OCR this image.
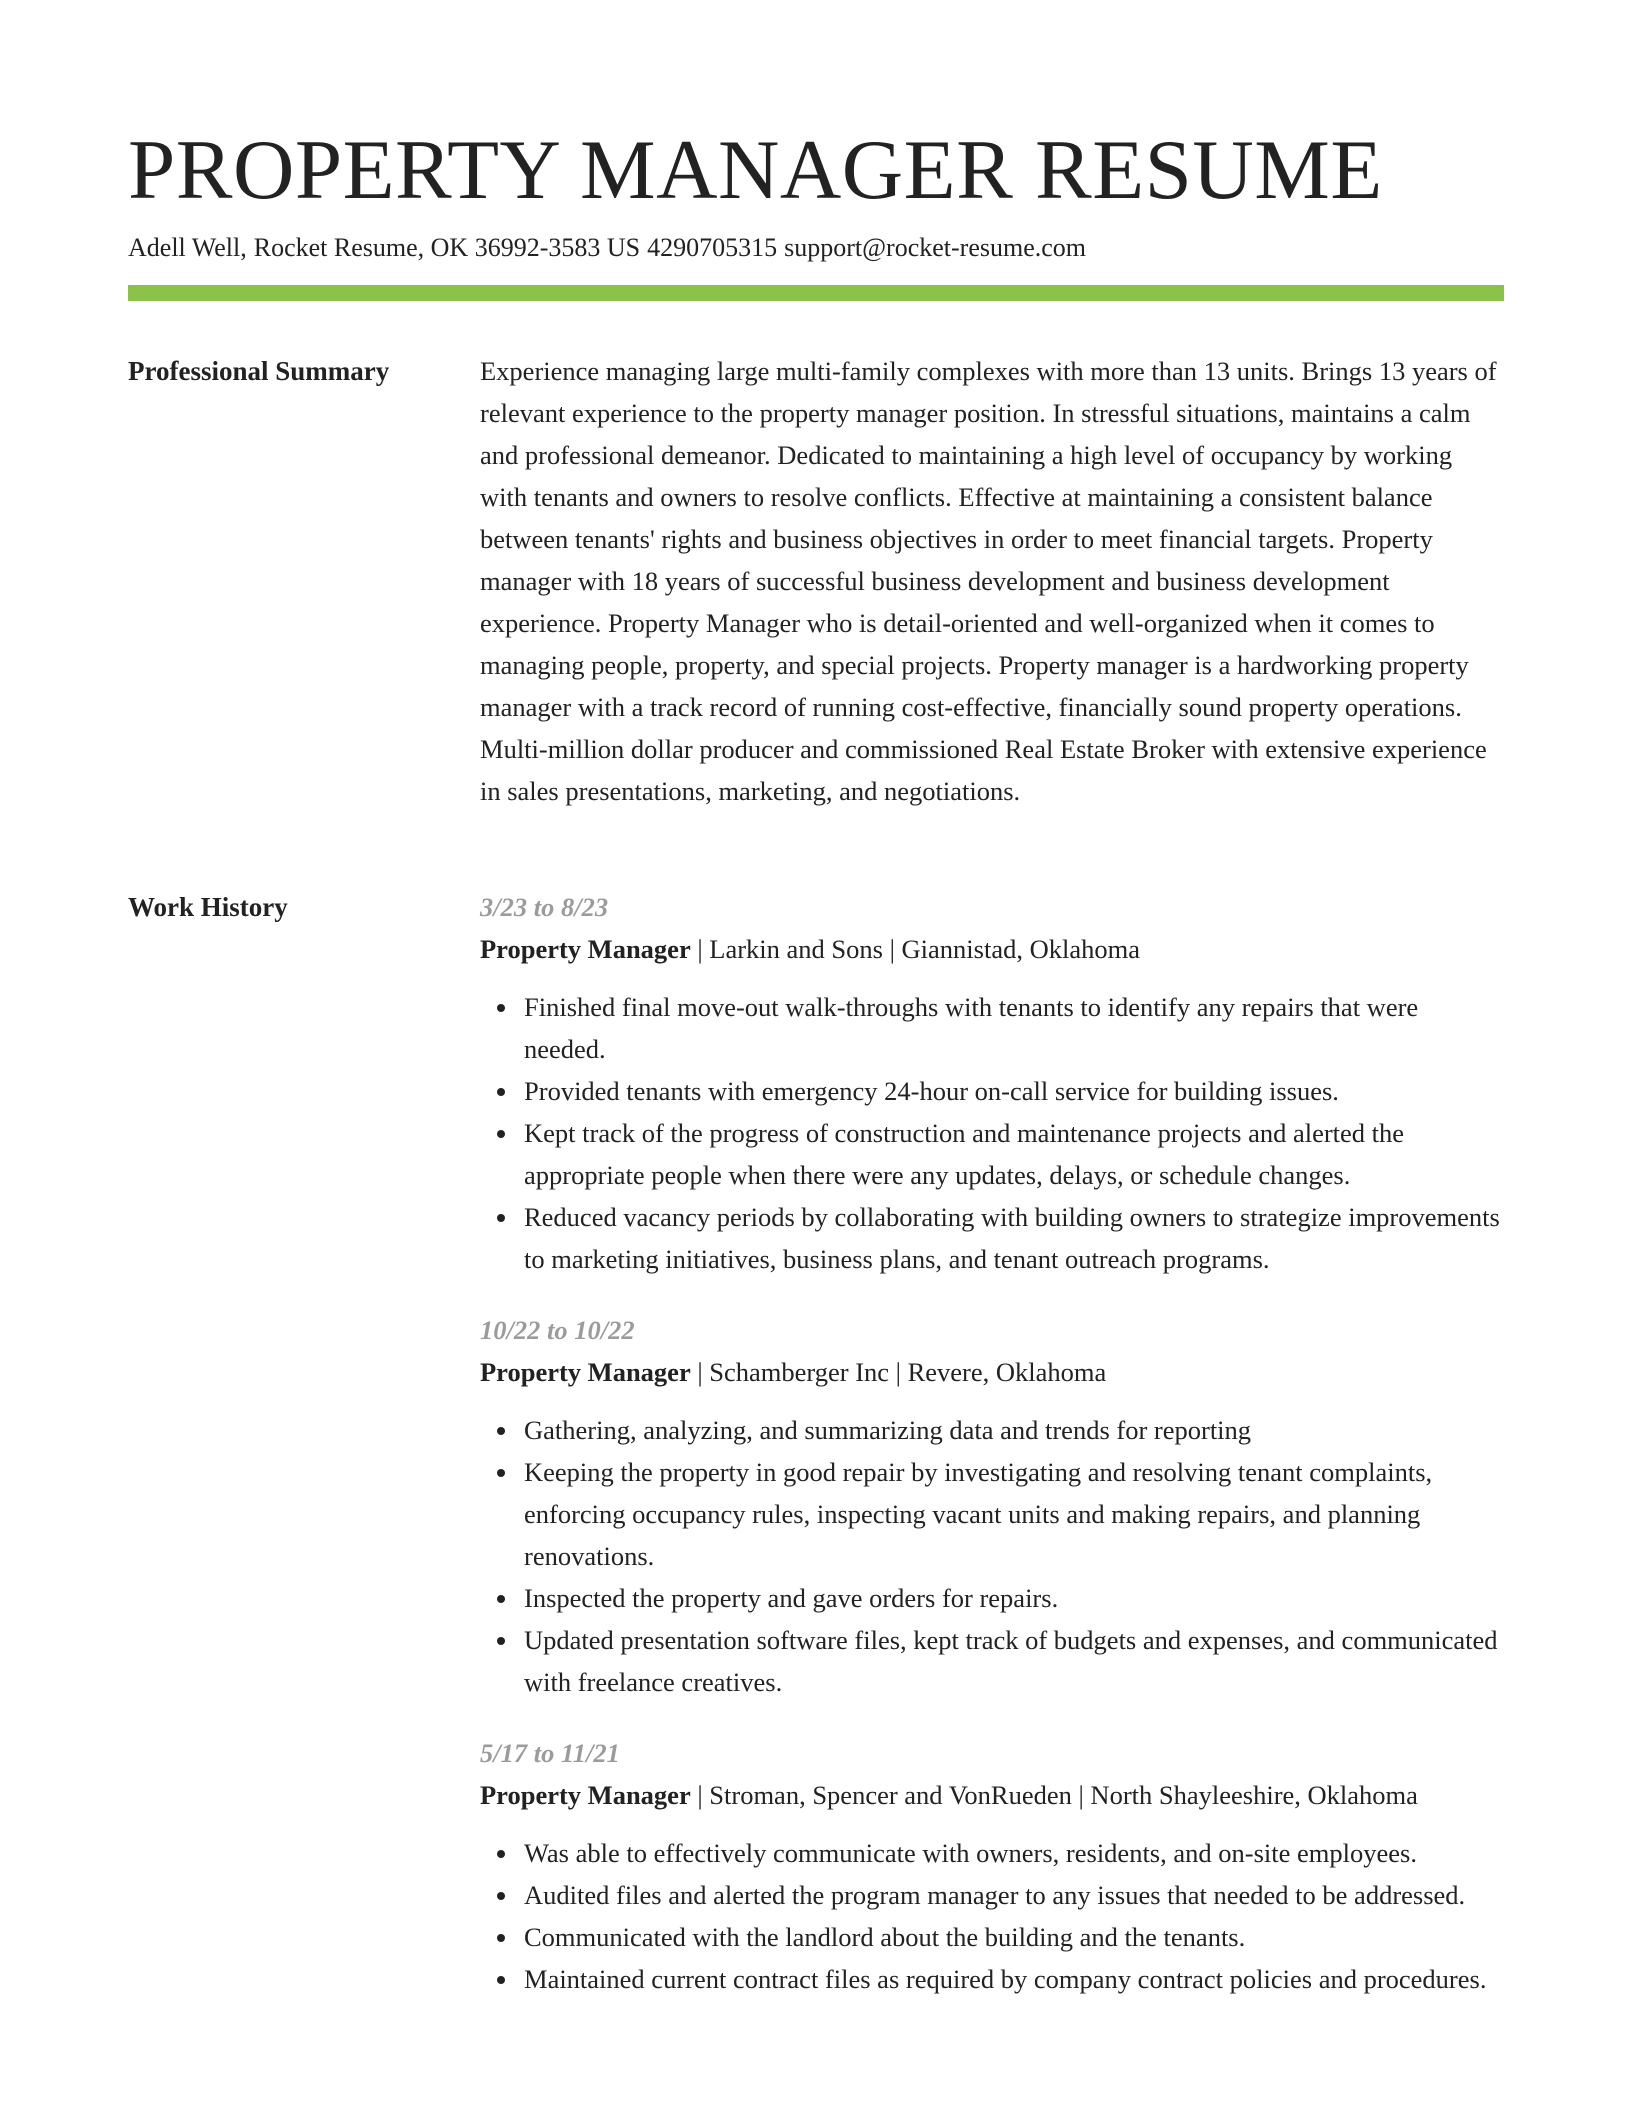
PROPERTY MANAGER RESUME
Adell Well, Rocket Resume, OK 36992-3583 US 4290705315 support@rocket-resume.com
Professional Summary	Experience managing large multi-family complexes with more than 13 units. Brings 13 years of relevant experience to the property manager position. In stressful situations, maintains a calm and professional demeanor. Dedicated to maintaining a high level of occupancy by working with tenants and owners to resolve conflicts. Effective at maintaining a consistent balance between tenants' rights and business objectives in order to meet financial targets. Property manager with 18 years of successful business development and business development experience. Property Manager who is detail-oriented and well-organized when it comes to managing people, property, and special projects. Property manager is a hardworking property manager with a track record of running cost-effective, financially sound property operations. Multi-million dollar producer and commissioned Real Estate Broker with extensive experience in sales presentations, marketing, and negotiations.

Work History	3/23 to 8/23
Property Manager | Larkin and Sons | Giannistad, Oklahoma
Finished final move-out walk-throughs with tenants to identify any repairs that were needed.
Provided tenants with emergency 24-hour on-call service for building issues.
Kept track of the progress of construction and maintenance projects and alerted the appropriate people when there were any updates, delays, or schedule changes.
Reduced vacancy periods by collaborating with building owners to strategize improvements to marketing initiatives, business plans, and tenant outreach programs.
10/22 to 10/22
Property Manager | Schamberger Inc | Revere, Oklahoma
Gathering, analyzing, and summarizing data and trends for reporting
Keeping the property in good repair by investigating and resolving tenant complaints, enforcing occupancy rules, inspecting vacant units and making repairs, and planning renovations.
Inspected the property and gave orders for repairs.
Updated presentation software files, kept track of budgets and expenses, and communicated with freelance creatives.
5/17 to 11/21
Property Manager | Stroman, Spencer and VonRueden | North Shayleeshire, Oklahoma
Was able to effectively communicate with owners, residents, and on-site employees.
Audited files and alerted the program manager to any issues that needed to be addressed.
Communicated with the landlord about the building and the tenants.
Maintained current contract files as required by company contract policies and procedures.
